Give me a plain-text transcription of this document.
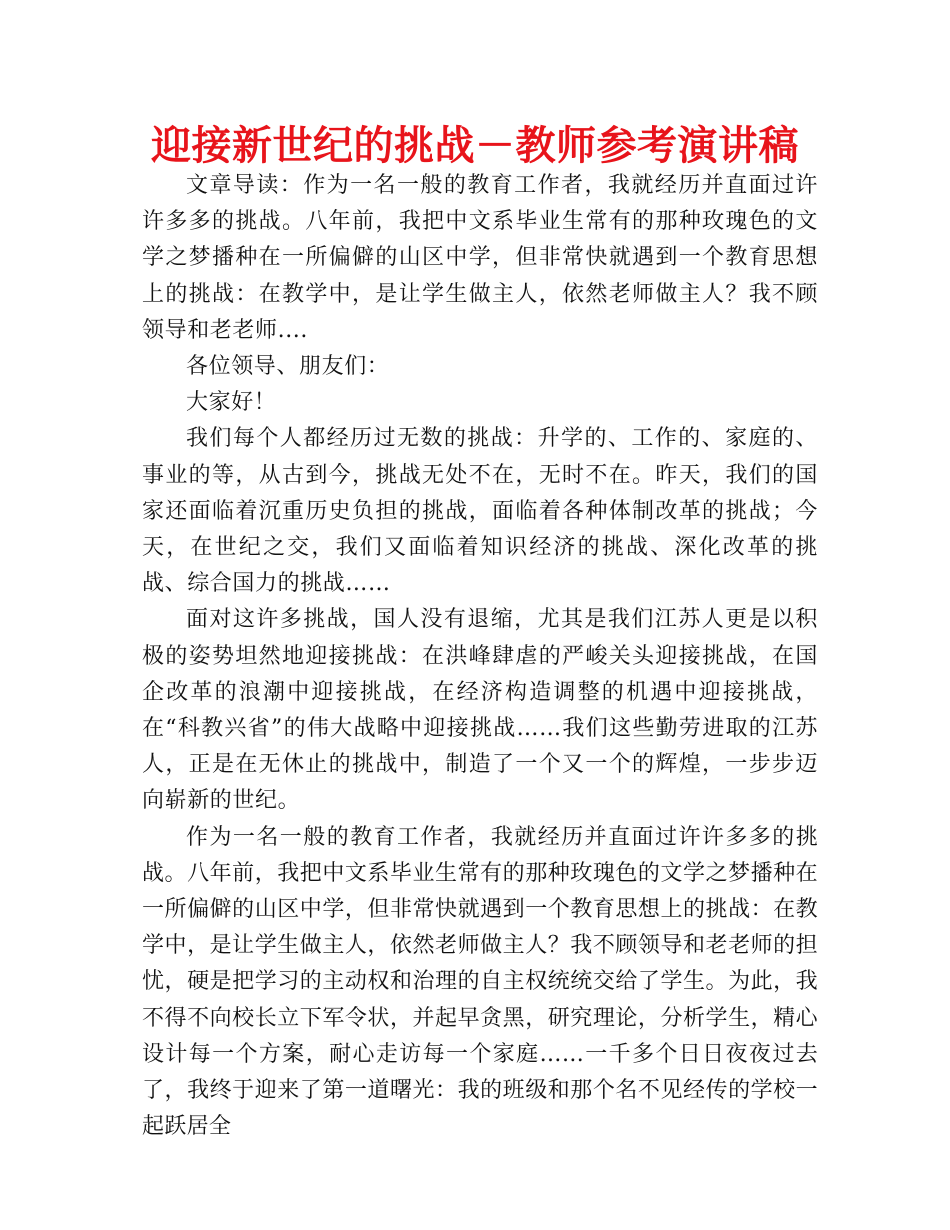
迎接新世纪的挑战－教师参考演讲稿

文章导读：作为一名一般的教育工作者，我就经历并直面过许许多多的挑战。八年前，我把中文系毕业生常有的那种玫瑰色的文学之梦播种在一所偏僻的山区中学，但非常快就遇到一个教育思想上的挑战：在教学中，是让学生做主人，依然老师做主人？我不顾领导和老老师....

各位领导、朋友们：

大家好！

我们每个人都经历过无数的挑战：升学的、工作的、家庭的、事业的等，从古到今，挑战无处不在，无时不在。昨天，我们的国家还面临着沉重历史负担的挑战，面临着各种体制改革的挑战；今天，在世纪之交，我们又面临着知识经济的挑战、深化改革的挑战、综合国力的挑战……

面对这许多挑战，国人没有退缩，尤其是我们江苏人更是以积极的姿势坦然地迎接挑战：在洪峰肆虐的严峻关头迎接挑战，在国企改革的浪潮中迎接挑战，在经济构造调整的机遇中迎接挑战，在“科教兴省”的伟大战略中迎接挑战……我们这些勤劳进取的江苏人，正是在无休止的挑战中，制造了一个又一个的辉煌，一步步迈向崭新的世纪。

作为一名一般的教育工作者，我就经历并直面过许许多多的挑战。八年前，我把中文系毕业生常有的那种玫瑰色的文学之梦播种在一所偏僻的山区中学，但非常快就遇到一个教育思想上的挑战：在教学中，是让学生做主人，依然老师做主人？我不顾领导和老老师的担忧，硬是把学习的主动权和治理的自主权统统交给了学生。为此，我不得不向校长立下军令状，并起早贪黑，研究理论，分析学生，精心设计每一个方案，耐心走访每一个家庭……一千多个日日夜夜过去了，我终于迎来了第一道曙光：我的班级和那个名不见经传的学校一起跃居全
